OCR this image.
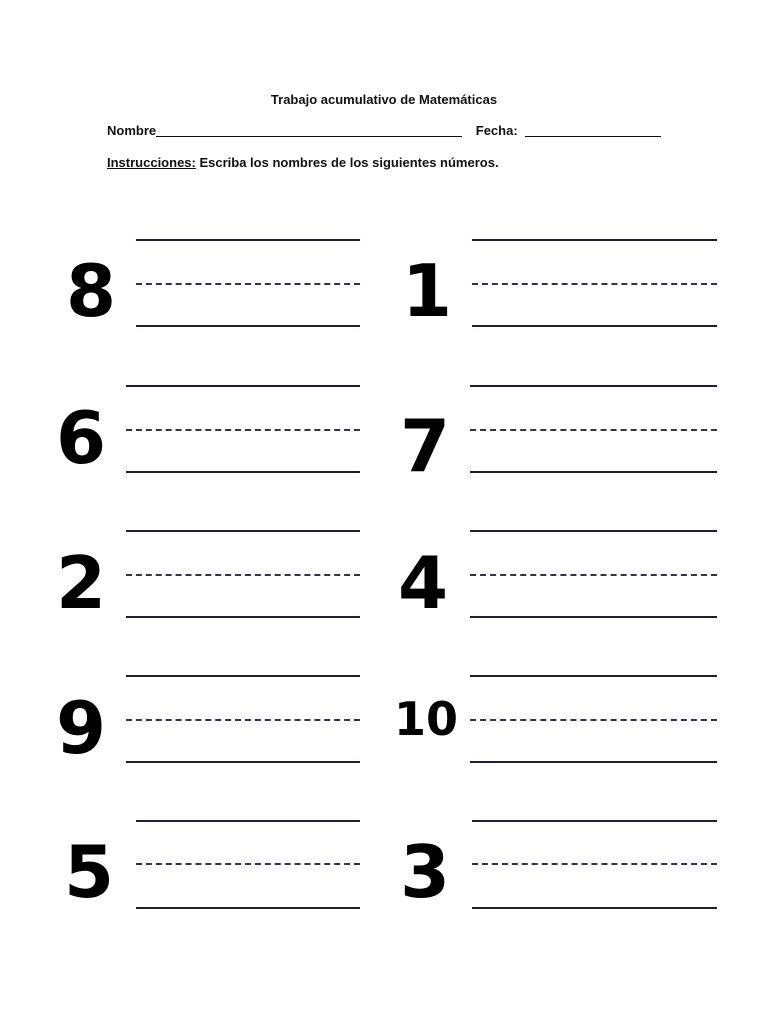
Trabajo acumulativo de Matemáticas
Nombre	Fecha:
Instrucciones: Escriba los nombres de los siguientes números.
8	1
6	7
2	4
9	10
5	3
